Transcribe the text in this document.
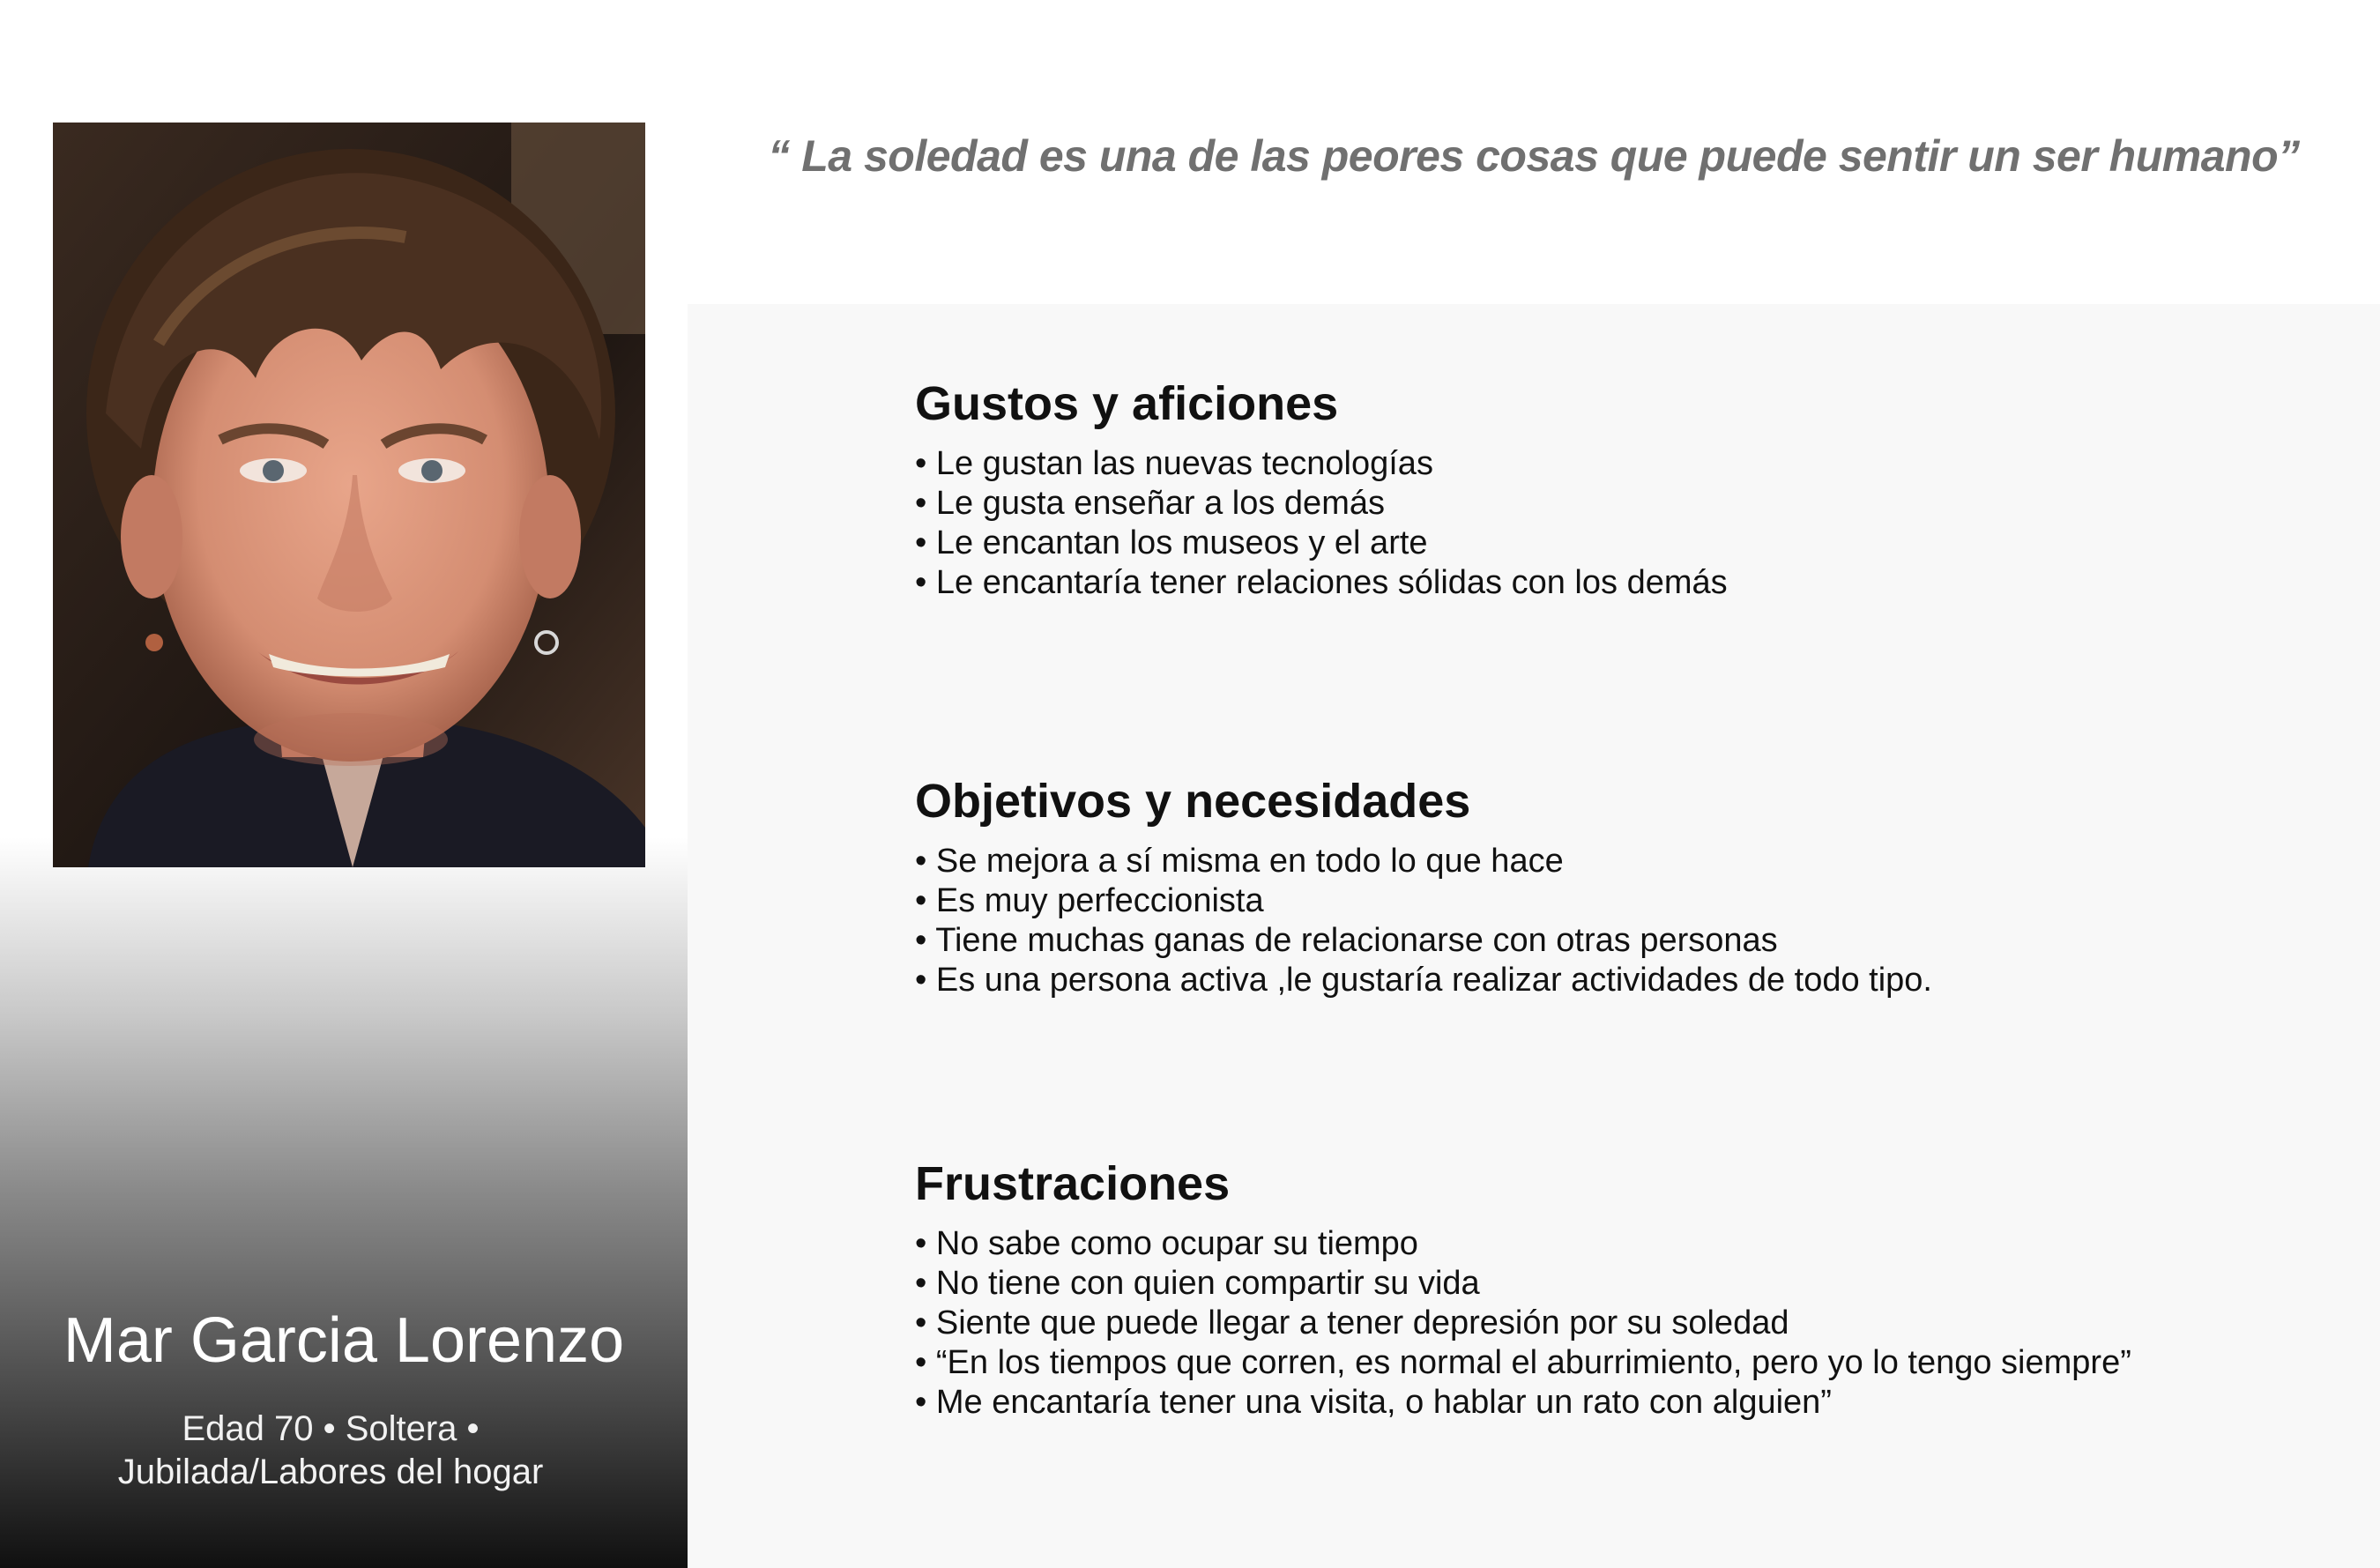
Mar Garcia Lorenzo
Edad 70 • Soltera •
Jubilada/Labores del hogar
“ La soledad es una de las peores cosas que puede sentir un ser humano”
Gustos y aficiones
• Le gustan las nuevas tecnologías
• Le gusta enseñar a los demás
• Le encantan los museos y el arte
• Le encantaría tener relaciones sólidas con los demás
Objetivos y necesidades
• Se mejora a sí misma en todo lo que hace
• Es muy perfeccionista
• Tiene muchas ganas de relacionarse con otras personas
• Es una persona activa ,le gustaría realizar actividades de todo tipo.
Frustraciones
• No sabe como ocupar su tiempo
• No tiene con quien compartir su vida
• Siente que puede llegar a tener depresión por su soledad
• “En los tiempos que corren, es normal el aburrimiento, pero yo lo tengo siempre”
• Me encantaría tener una visita, o hablar un rato con alguien”
